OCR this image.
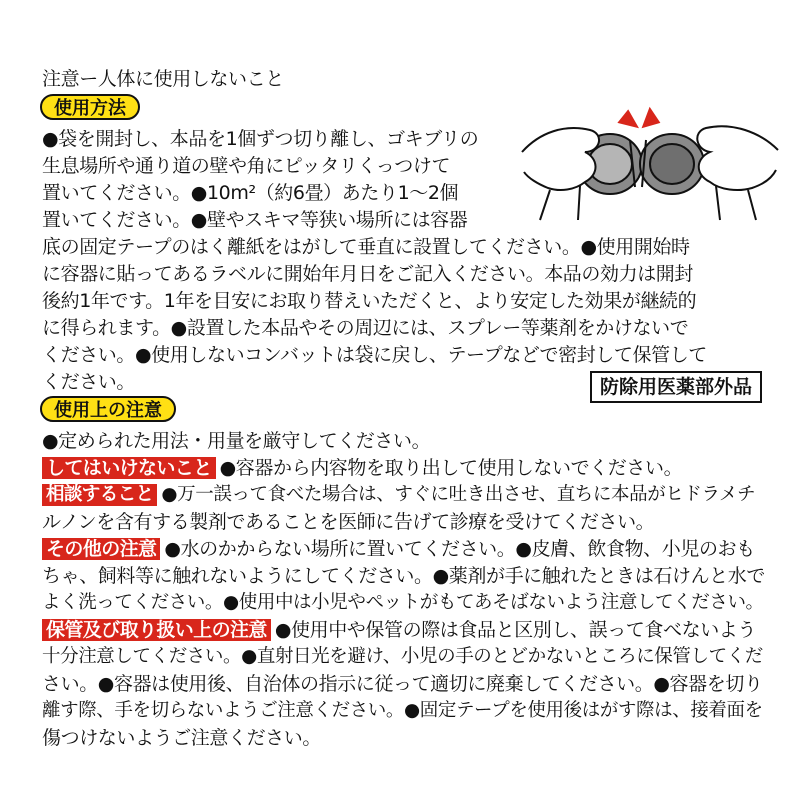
注意ー人体に使用しないこと
使用方法
●袋を開封し、本品を1個ずつ切り離し、ゴキブリの
生息場所や通り道の壁や角にピッタリくっつけて
置いてください。●10m²（約6畳）あたり1〜2個
置いてください。●壁やスキマ等狭い場所には容器
底の固定テープのはく離紙をはがして垂直に設置してください。●使用開始時
に容器に貼ってあるラベルに開始年月日をご記入ください。本品の効力は開封
後約1年です。1年を目安にお取り替えいただくと、より安定した効果が継続的
に得られます。●設置した本品やその周辺には、スプレー等薬剤をかけないで
ください。●使用しないコンバットは袋に戻し、テープなどで密封して保管して
ください。	防除用医薬部外品
使用上の注意
●定められた用法・用量を厳守してください。
してはいけないこと ●容器から内容物を取り出して使用しないでください。
相談すること ●万一誤って食べた場合は、すぐに吐き出させ、直ちに本品がヒドラメチ
ルノンを含有する製剤であることを医師に告げて診療を受けてください。
その他の注意 ●水のかからない場所に置いてください。●皮膚、飲食物、小児のおも
ちゃ、飼料等に触れないようにしてください。●薬剤が手に触れたときは石けんと水で
よく洗ってください。●使用中は小児やペットがもてあそばないよう注意してください。
保管及び取り扱い上の注意 ●使用中や保管の際は食品と区別し、誤って食べないよう
十分注意してください。●直射日光を避け、小児の手のとどかないところに保管してくだ
さい。●容器は使用後、自治体の指示に従って適切に廃棄してください。●容器を切り
離す際、手を切らないようご注意ください。●固定テープを使用後はがす際は、接着面を
傷つけないようご注意ください。
